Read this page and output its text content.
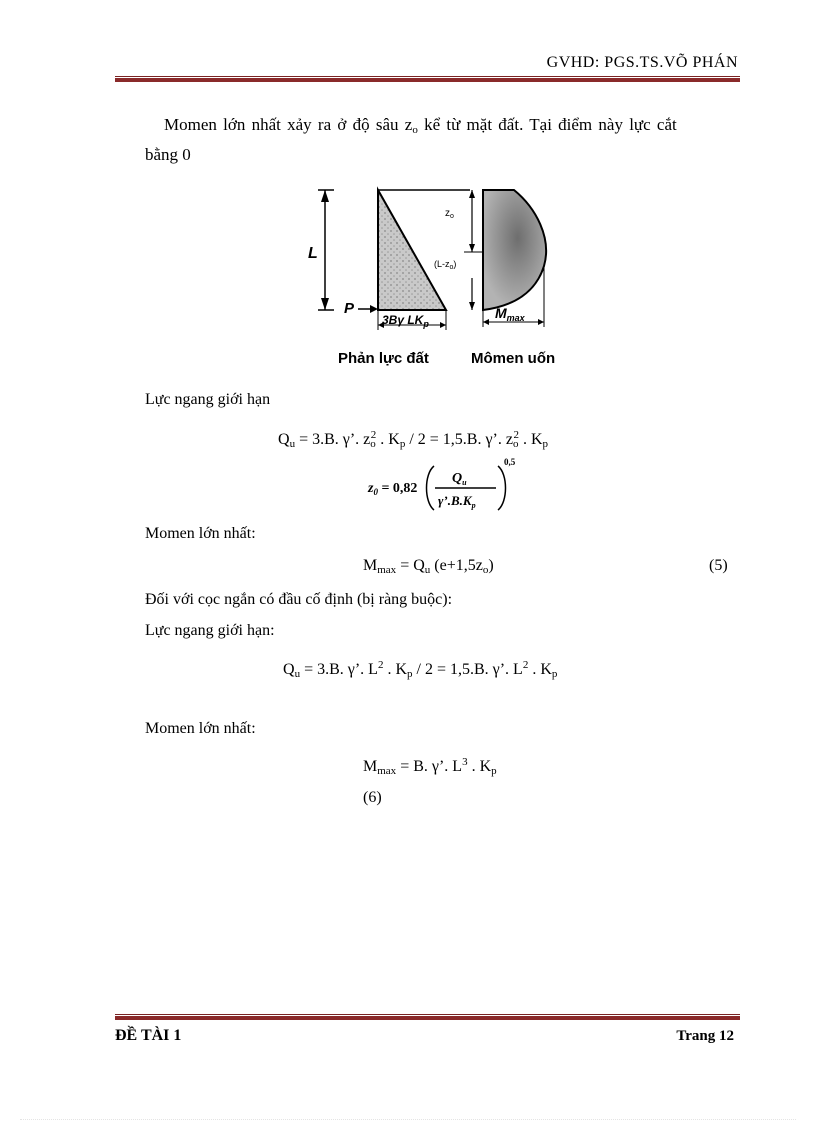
GVHD: PGS.TS.VÕ PHÁN
Momen lớn nhất xảy ra ở độ sâu $z_o$ kể từ mặt đất. Tại điểm này lực cắt
bằng 0
L
P
3Bγ $LK_p$
$z_o$
$(L-z_o)$
$M_{max}$
Phản lực đất	Mômen uốn
Lực ngang giới hạn
$Q_u = 3.B$. γ’. $z_o^2$ . $K_p / 2 = 1,5.B$. γ’. $z_o^2$ . $K_p$
$z_0 = 0,82$
$Q_u$
$\gamma’.B.K_p$
0,5
Momen lớn nhất:
$M_{max} = Q_u$ $(e+1,5z_o)$	(5)
Đối với cọc ngắn có đầu cố định (bị ràng buộc):
Lực ngang giới hạn:
$Q_u = 3.B$. γ’. $L^2$ . $K_p / 2 = 1,5.B$. γ’. $L^2$ . $K_p$
Momen lớn nhất:
$M_{max} = B$. γ’. $L^3$ . $K_p$
(6)
ĐỀ TÀI 1	Trang 12
